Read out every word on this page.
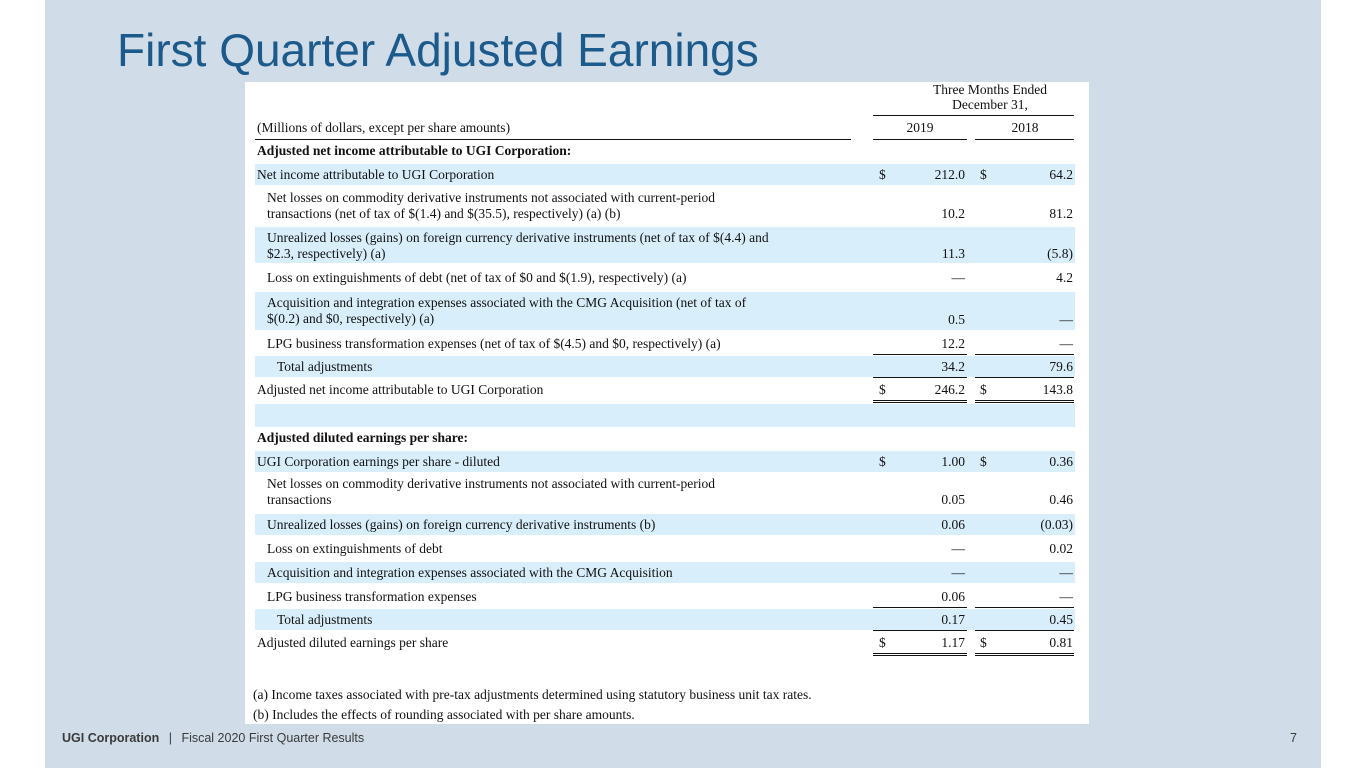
First Quarter Adjusted Earnings
Three Months Ended
December 31,
(Millions of dollars, except per share amounts)	2019	2018
Adjusted net income attributable to UGI Corporation:
Net income attributable to UGI Corporation	$	212.0 $	64.2
Net losses on commodity derivative instruments not associated with current-period
transactions (net of tax of $(1.4) and $(35.5), respectively) (a) (b)	10.2	81.2
Unrealized losses (gains) on foreign currency derivative instruments (net of tax of $(4.4) and
$2.3, respectively) (a)	11.3	(5.8)
Loss on extinguishments of debt (net of tax of $0 and $(1.9), respectively) (a)	—	4.2
Acquisition and integration expenses associated with the CMG Acquisition (net of tax of
$(0.2) and $0, respectively) (a)	0.5	—
LPG business transformation expenses (net of tax of $(4.5) and $0, respectively) (a)	12.2	—
Total adjustments	34.2	79.6
Adjusted net income attributable to UGI Corporation	$	246.2 $	143.8
Adjusted diluted earnings per share:
UGI Corporation earnings per share - diluted	$	1.00 $	0.36
Net losses on commodity derivative instruments not associated with current-period
transactions	0.05	0.46
Unrealized losses (gains) on foreign currency derivative instruments (b)	0.06	(0.03)
Loss on extinguishments of debt	—	0.02
Acquisition and integration expenses associated with the CMG Acquisition	—	—
LPG business transformation expenses	0.06	—
Total adjustments	0.17	0.45
Adjusted diluted earnings per share	$	1.17 $	0.81
(a) Income taxes associated with pre-tax adjustments determined using statutory business unit tax rates.
(b) Includes the effects of rounding associated with per share amounts.
UGI Corporation | Fiscal 2020 First Quarter Results	7
